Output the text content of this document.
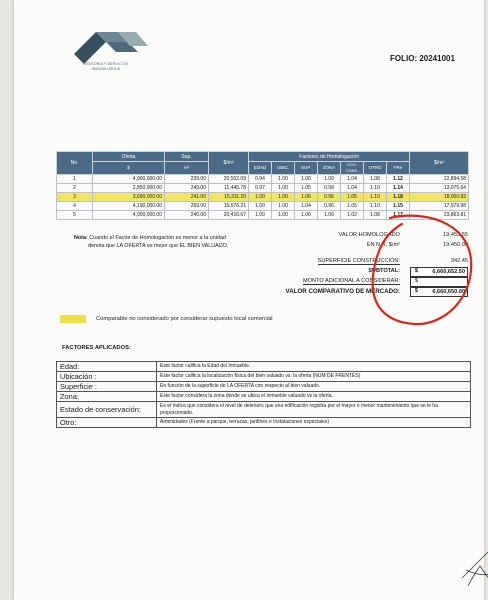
ASESORIA Y SERVICIOS INMOBILIARIOS
FOLIO: 20241001
No.	Oferta	Sup.	$/m²	Factores de Homologación							$/m²
	$	m²		EDAD	UBIC.	SUP.	ZONA	EDO. CONS.	OTRO	FRe	
1	4,900,000.00	239.00	20,502.09	0.94	1.00	1.06	1.00	1.04	1.08	1.12	22,894.58
2	2,850,000.00	249.00	11,445.78	0.97	1.00	1.05	0.98	1.04	1.10	1.14	13,075.64
3	3,690,000.00	241.00	15,311.20	1.00	1.00	1.06	0.96	1.05	1.10	1.18	18,000.83
4	4,190,000.00	269.00	15,576.21	1.00	1.00	1.04	0.96	1.05	1.10	1.15	17,979.98
5	4,900,000.00	240.00	20,416.67	1.00	1.00	1.06	1.00	1.02	1.08	1.17	23,863.81
Nota: Cuando el Factor de Homologación es menor a la unidad
denota que LA OFERTA es mejor que EL BIEN VALUADO.
VALOR HOMOLOGADO	19,453.55
EN N.R. $/m²	19,450.00
SUPERFICIE CONSTRUCCIÓN:	342.45
SUBTOTAL:	$	6,660,652.50
MONTO ADICIONAL A CONSIDERAR:	$
VALOR COMPARATIVO DE MERCADO:	$	6,660,650.00
Comparable no considerado por considerar supuesto local comercial
FACTORES APLICADOS:
Edad:	Este factor califica la Edad del Inmueble.
Ubicación :	Este factor califica la localización física del bien valuado vs. la oferta (NUM DE FRENTES)
Superficie :	En función de la superficie de LA OFERTA con respecto al bien valuado.
Zona:	Este factor considera la zona donde se ubica el inmueble valuado vs la oferta.
Estado de conservación:	Es el índice que considera el nivel de deterioro que una edificación registra por el mayor o menor mantenimiento que se le ha proporcionado.
Otro:	Amenidades (Frente a parque, terrazas, jardines e Instalaciones especiales)
